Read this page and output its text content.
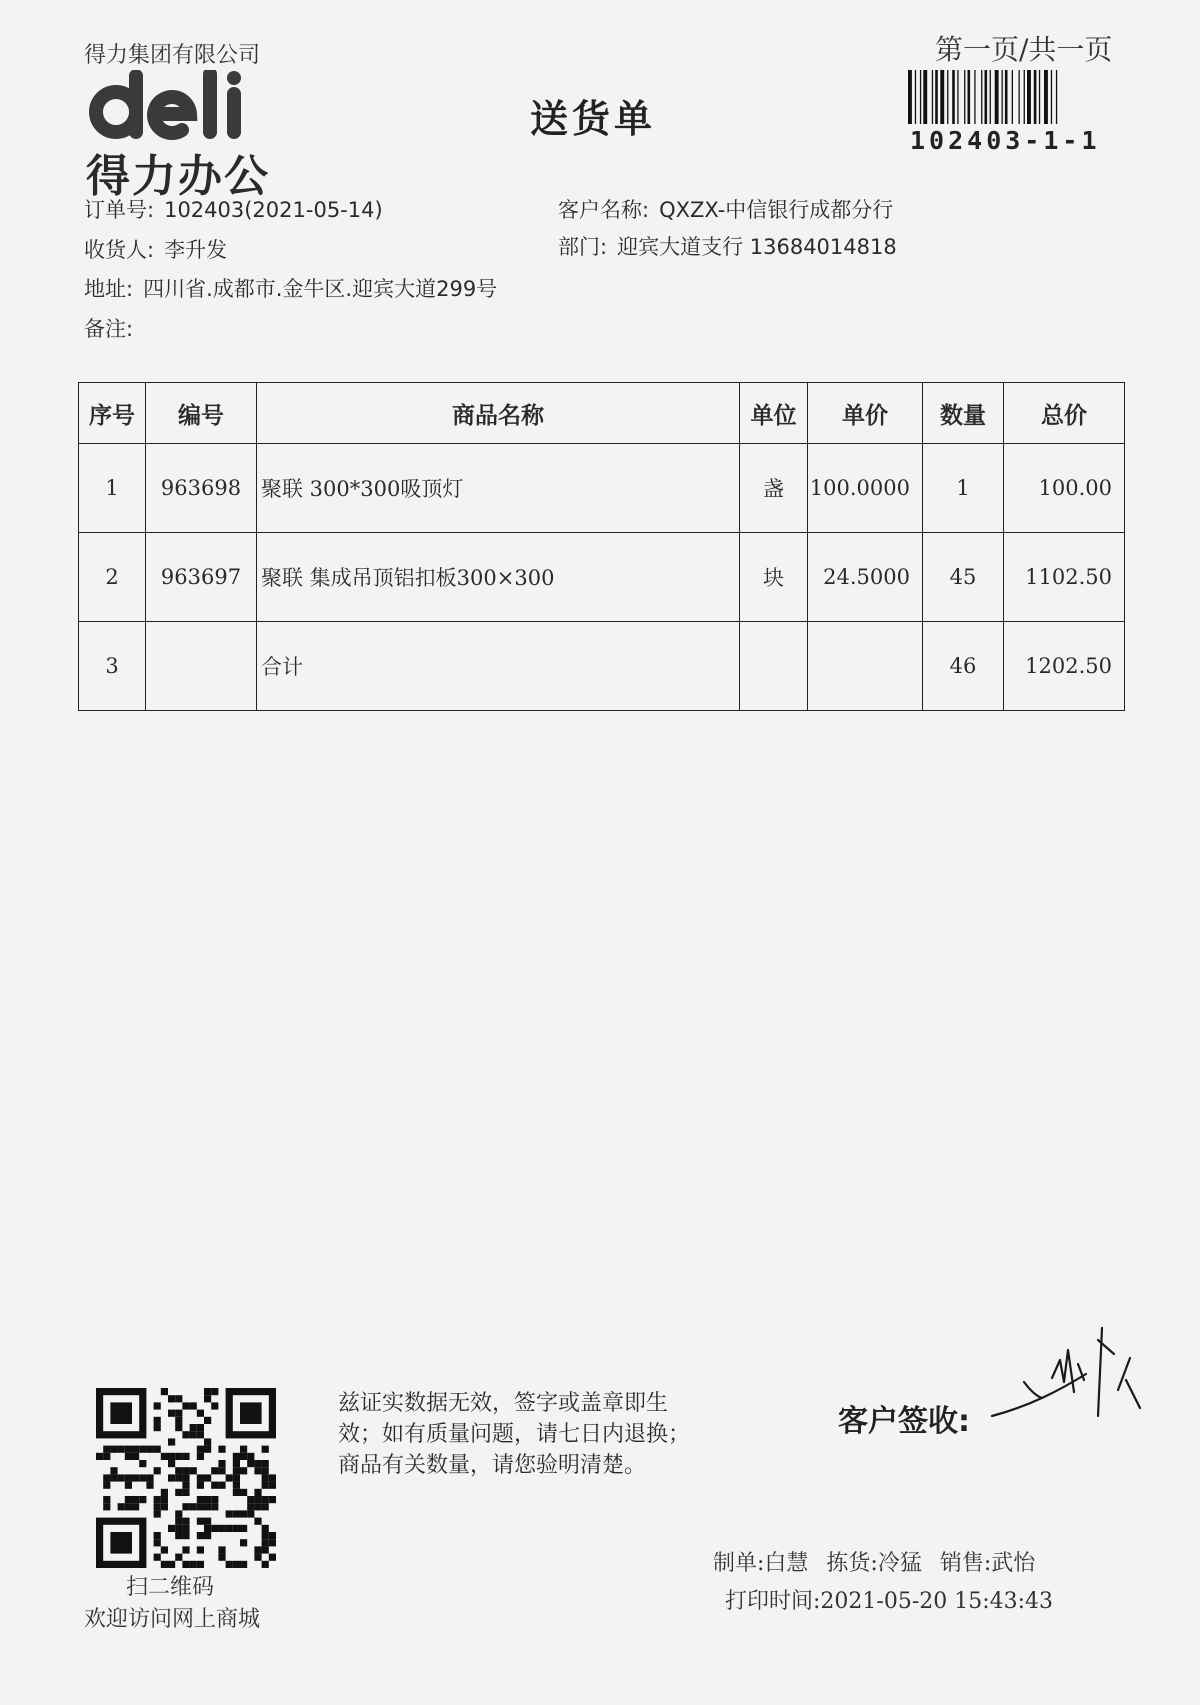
得力集团有限公司
得力办公
送货单
第一页/共一页
102403-1-1
订单号: 102403(2021-05-14)	客户名称: QXZX-中信银行成都分行
收货人: 李升发	部门: 迎宾大道支行 13684014818
地址: 四川省.成都市.金牛区.迎宾大道299号
备注:
序号	编号	商品名称	单位	单价	数量	总价
1	963698	聚联 300*300吸顶灯	盏	100.0000	1	100.00
2	963697	聚联 集成吊顶铝扣板300×300	块	24.5000	45	1102.50
3		合计			46	1202.50
扫二维码
欢迎访问网上商城
兹证实数据无效，签字或盖章即生
效；如有质量问题，请七日内退换；
商品有关数量，请您验明清楚。
客户签收:
制单:白慧 拣货:冷猛 销售:武怡
打印时间:2021-05-20 15:43:43
